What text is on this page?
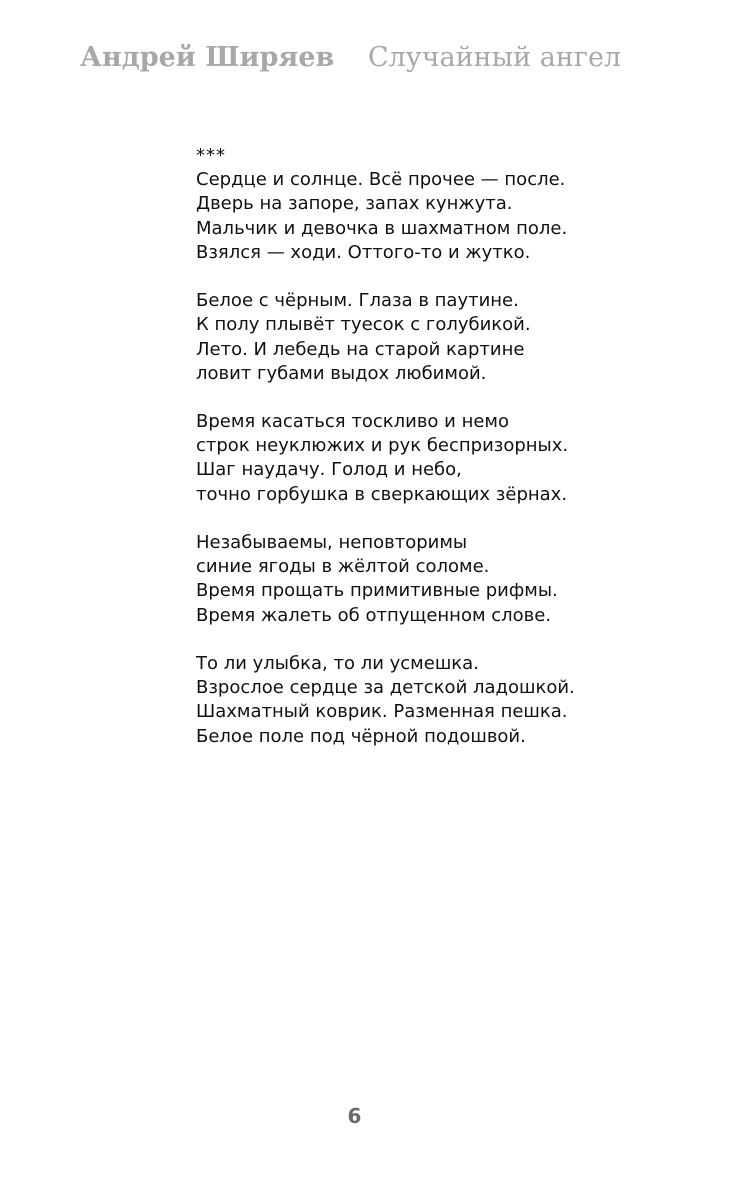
Андрей Ширяев Случайный ангел
***
Сердце и солнце. Всё прочее — после.
Дверь на запоре, запах кунжута.
Мальчик и девочка в шахматном поле.
Взялся — ходи. Оттого-то и жутко.
Белое с чёрным. Глаза в паутине.
К полу плывёт туесок с голубикой.
Лето. И лебедь на старой картине
ловит губами выдох любимой.
Время касаться тоскливо и немо
строк неуклюжих и рук беспризорных.
Шаг наудачу. Голод и небо,
точно горбушка в сверкающих зёрнах.
Незабываемы, неповторимы
синие ягоды в жёлтой соломе.
Время прощать примитивные рифмы.
Время жалеть об отпущенном слове.
То ли улыбка, то ли усмешка.
Взрослое сердце за детской ладошкой.
Шахматный коврик. Разменная пешка.
Белое поле под чёрной подошвой.
6
